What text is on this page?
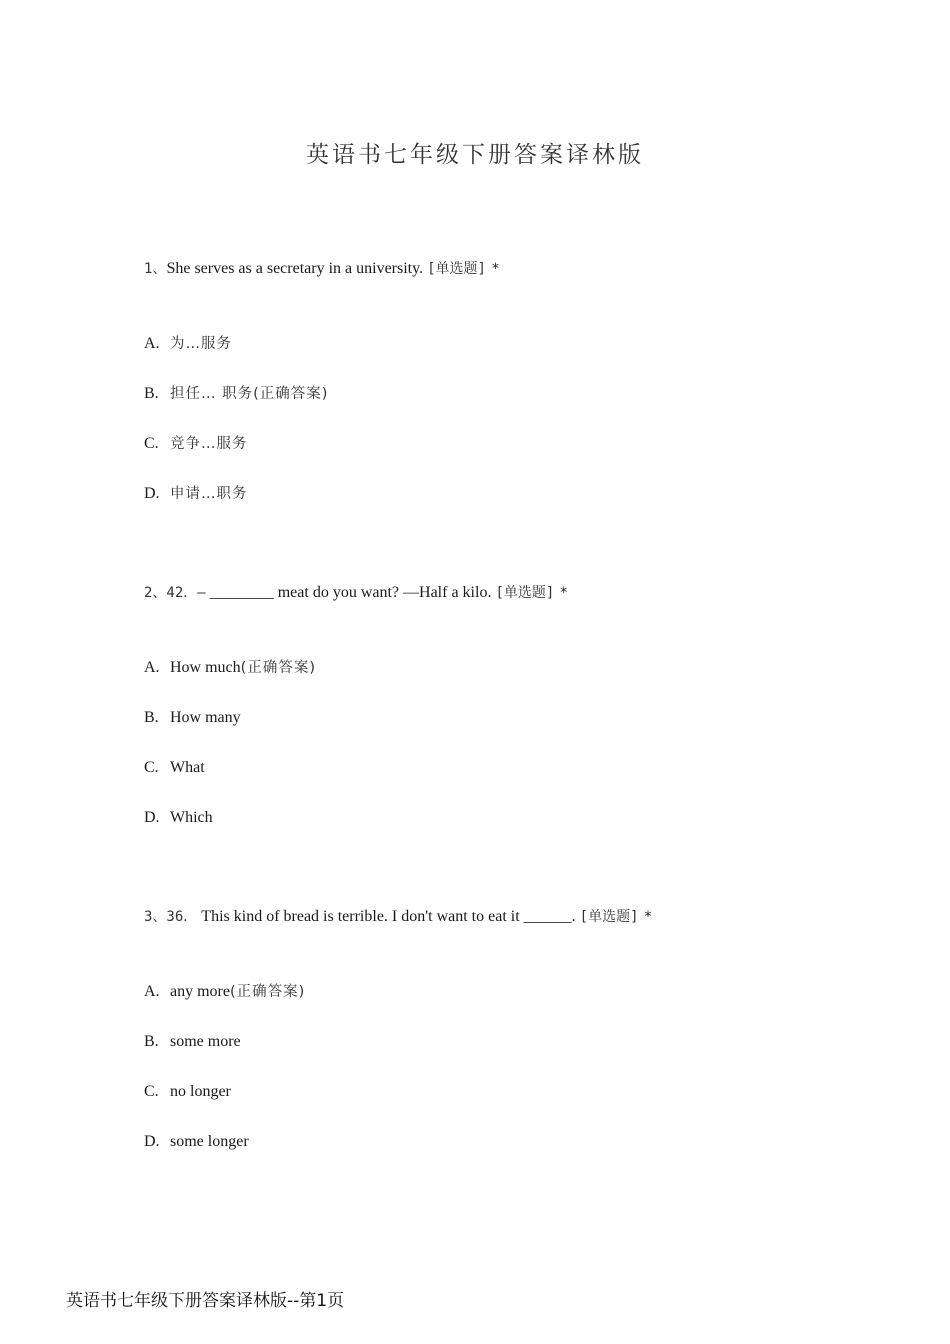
英语书七年级下册答案译林版
1、She serves as a secretary in a university. [单选题] *
A. 为…服务
B. 担任… 职务(正确答案)
C. 竞争…服务
D. 申请…职务
2、42．— ________ meat do you want? —Half a kilo. [单选题] *
A. How much(正确答案)
B. How many
C. What
D. Which
3、36． This kind of bread is terrible. I don't want to eat it ______. [单选题] *
A. any more(正确答案)
B. some more
C. no longer
D. some longer
英语书七年级下册答案译林版--第1页
